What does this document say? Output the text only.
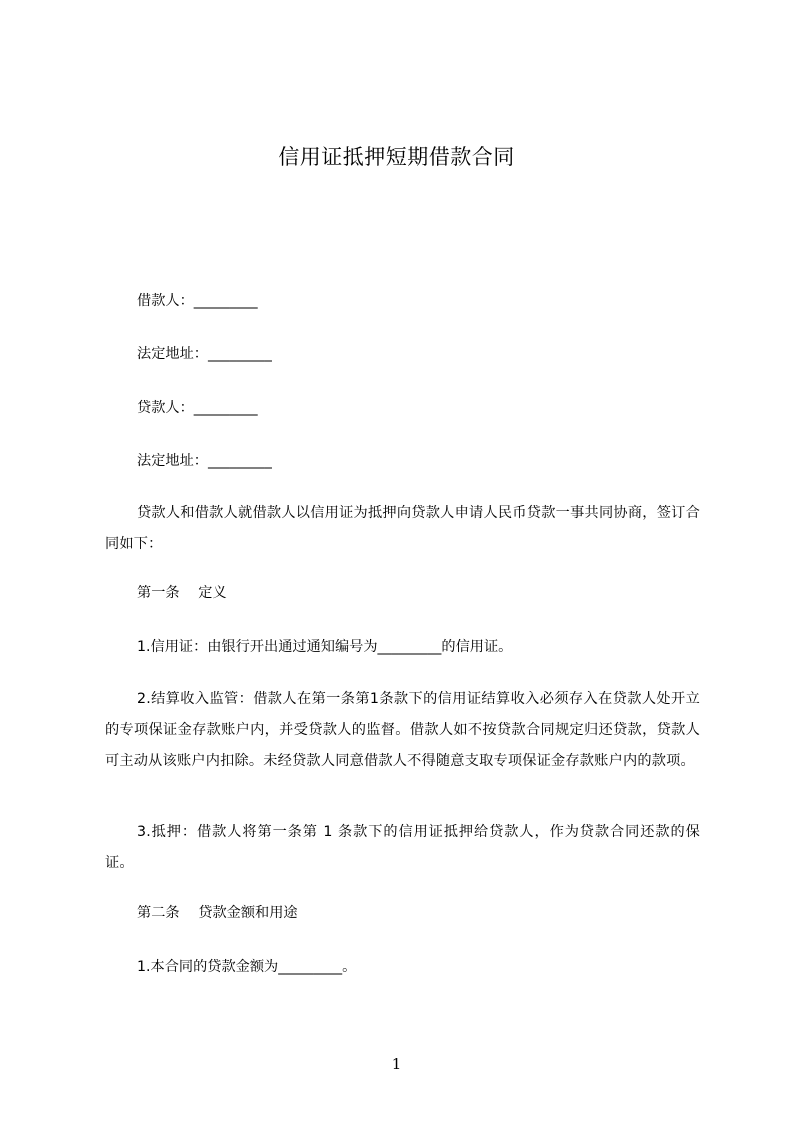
信用证抵押短期借款合同
借款人：_________
法定地址：_________
贷款人：_________
法定地址：_________
贷款人和借款人就借款人以信用证为抵押向贷款人申请人民币贷款一事共同协商，签订合同如下：
第一条　 定义
1.信用证：由银行开出通过通知编号为_________的信用证。
2.结算收入监管：借款人在第一条第1条款下的信用证结算收入必须存入在贷款人处开立的专项保证金存款账户内，并受贷款人的监督。借款人如不按贷款合同规定归还贷款，贷款人可主动从该账户内扣除。未经贷款人同意借款人不得随意支取专项保证金存款账户内的款项。
3.抵押：借款人将第一条第 1 条款下的信用证抵押给贷款人，作为贷款合同还款的保证。
第二条　 贷款金额和用途
1.本合同的贷款金额为_________。
1
